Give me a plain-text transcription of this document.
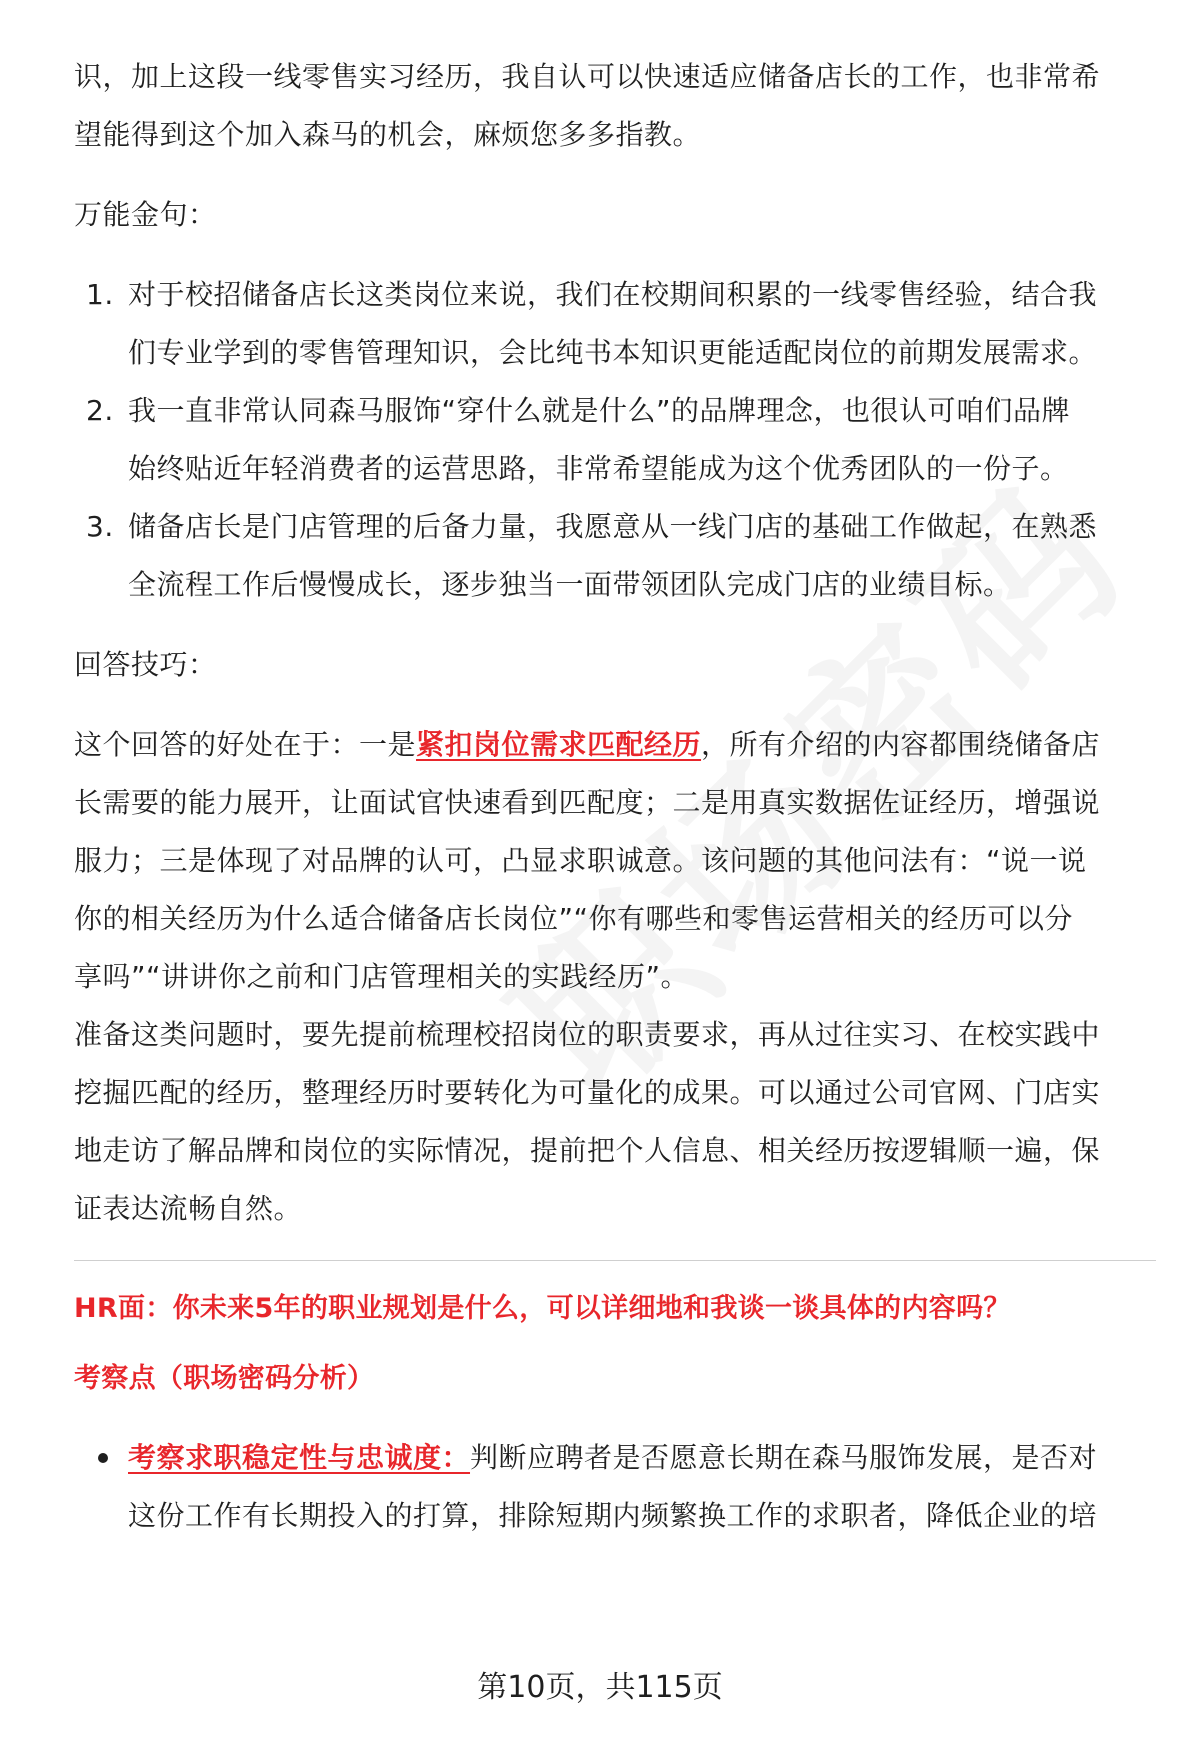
识，加上这段一线零售实习经历，我自认可以快速适应储备店长的工作，也非常希

望能得到这个加入森马的机会，麻烦您多多指教。

万能金句：

1. 对于校招储备店长这类岗位来说，我们在校期间积累的一线零售经验，结合我
们专业学到的零售管理知识，会比纯书本知识更能适配岗位的前期发展需求。
2. 我一直非常认同森马服饰“穿什么就是什么”的品牌理念，也很认可咱们品牌
始终贴近年轻消费者的运营思路，非常希望能成为这个优秀团队的一份子。
3. 储备店长是门店管理的后备力量，我愿意从一线门店的基础工作做起，在熟悉
全流程工作后慢慢成长，逐步独当一面带领团队完成门店的业绩目标。

回答技巧：

这个回答的好处在于：一是紧扣岗位需求匹配经历，所有介绍的内容都围绕储备店

长需要的能力展开，让面试官快速看到匹配度；二是用真实数据佐证经历，增强说

服力；三是体现了对品牌的认可，凸显求职诚意。该问题的其他问法有：“说一说

你的相关经历为什么适合储备店长岗位”“你有哪些和零售运营相关的经历可以分

享吗”“讲讲你之前和门店管理相关的实践经历”。

准备这类问题时，要先提前梳理校招岗位的职责要求，再从过往实习、在校实践中

挖掘匹配的经历，整理经历时要转化为可量化的成果。可以通过公司官网、门店实

地走访了解品牌和岗位的实际情况，提前把个人信息、相关经历按逻辑顺一遍，保

证表达流畅自然。

HR面：你未来5年的职业规划是什么，可以详细地和我谈一谈具体的内容吗？

考察点（职场密码分析）

考察求职稳定性与忠诚度：判断应聘者是否愿意长期在森马服饰发展，是否对
这份工作有长期投入的打算，排除短期内频繁换工作的求职者，降低企业的培
第10页，共115页
